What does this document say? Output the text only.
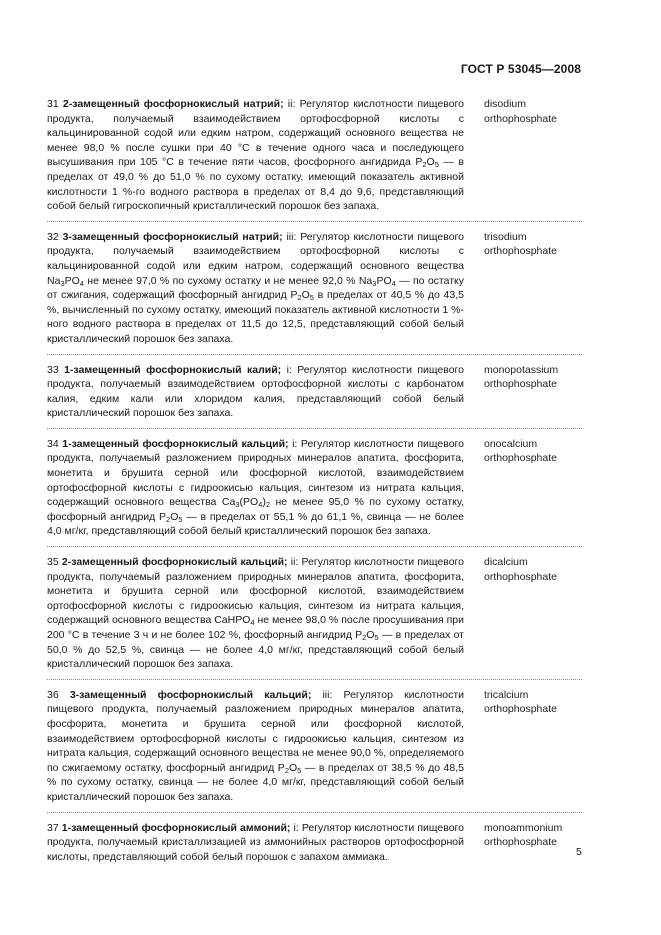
ГОСТ Р 53045—2008
31 2-замещенный фосфорнокислый натрий; ii: Регулятор кислотности пищевого продукта, получаемый взаимодействием ортофосфорной кислоты с кальцинированной содой или едким натром, содержащий основного вещества не менее 98,0 % после сушки при 40 °С в течение одного часа и последующего высушивания при 105 °С в течение пяти часов, фосфорного ангидрида $P_2O_5$ — в пределах от 49,0 % до 51,0 % по сухому остатку, имеющий показатель активной кислотности 1 %-го водного раствора в пределах от 8,4 до 9,6, представляющий собой белый гигроскопичный кристаллический порошок без запаха.
disodium orthophosphate
32 3-замещенный фосфорнокислый натрий; iii: Регулятор кислотности пищевого продукта, получаемый взаимодействием ортофосфорной кислоты с кальцинированной содой или едким натром, содержащий основного вещества $Na_3PO_4$ не менее 97,0 % по сухому остатку и не менее 92,0 % $Na_3PO_4$ — по остатку от сжигания, содержащий фосфорный ангидрид $P_2O_5$ в пределах от 40,5 % до 43,5 %, вычисленный по сухому остатку, имеющий показатель активной кислотности 1 %-ного водного раствора в пределах от 11,5 до 12,5, представляющий собой белый кристаллический порошок без запаха.
trisodium orthophosphate
33 1-замещенный фосфорнокислый калий; i: Регулятор кислотности пищевого продукта, получаемый взаимодействием ортофосфорной кислоты с карбонатом калия, едким кали или хлоридом калия, представляющий собой белый кристаллический порошок без запаха.
monopotassium orthophosphate
34 1-замещенный фосфорнокислый кальций; i: Регулятор кислотности пищевого продукта, получаемый разложением природных минералов апатита, фосфорита, монетита и брушита серной или фосфорной кислотой, взаимодействием ортофосфорной кислоты с гидроокисью кальция, синтезом из нитрата кальция, содержащий основного вещества $Ca_3(PO_4)_2$ не менее 95,0 % по сухому остатку, фосфорный ангидрид $P_2O_5$ — в пределах от 55,1 % до 61,1 %, свинца — не более 4,0 мг/кг, представляющий собой белый кристаллический порошок без запаха.
onocalcium orthophosphate
35 2-замещенный фосфорнокислый кальций; ii: Регулятор кислотности пищевого продукта, получаемый разложением природных минералов апатита, фосфорита, монетита и брушита серной или фосфорной кислотой, взаимодействием ортофосфорной кислоты с гидроокисью кальция, синтезом из нитрата кальция, содержащий основного вещества CaHPO$_4$ не менее 98,0 % после просушивания при 200 °С в течение 3 ч и не более 102 %, фосфорный ангидрид $P_2O_5$ — в пределах от 50,0 % до 52,5 %, свинца — не более 4,0 мг/кг, представляющий собой белый кристаллический порошок без запаха.
dicalcium orthophosphate
36 3-замещенный фосфорнокислый кальций; iii: Регулятор кислотности пищевого продукта, получаемый разложением природных минералов апатита, фосфорита, монетита и брушита серной или фосфорной кислотой, взаимодействием ортофосфорной кислоты с гидроокисью кальция, синтезом из нитрата кальция, содержащий основного вещества не менее 90,0 %, определяемого по сжигаемому остатку, фосфорный ангидрид $P_2O_5$ — в пределах от 38,5 % до 48,5 % по сухому остатку, свинца — не более 4,0 мг/кг, представляющий собой белый кристаллический порошок без запаха.
tricalcium orthophosphate
37 1-замещенный фосфорнокислый аммоний; i: Регулятор кислотности пищевого продукта, получаемый кристаллизацией из аммонийных растворов ортофосфорной кислоты, представляющий собой белый порошок с запахом аммиака.
monoammonium orthophosphate
5
